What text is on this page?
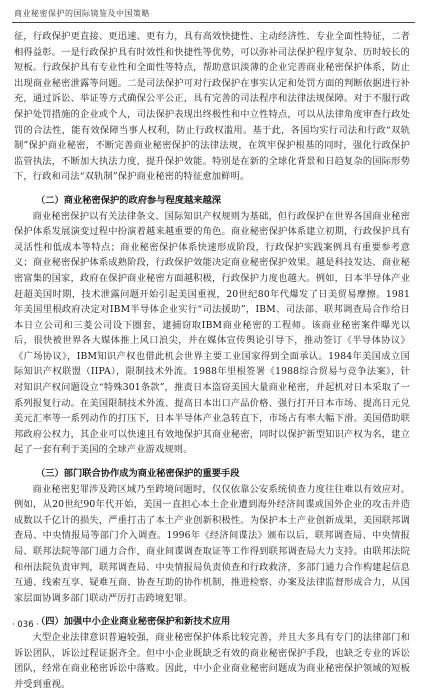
商业秘密保护的国际镜鉴及中国策略

征，行政保护更直接、更迅速、更有力，具有高效快捷性、主动经济性、专业全面性特征，二者相得益彰。一是行政保护具有时效性和快捷性等优势，可以弥补司法保护程序复杂、历时较长的短板。行政保护具有专业性和全面性等特点，帮助意识淡薄的企业完善商业秘密保护体系，防止出现商业秘密泄露等问题。二是司法保护可对行政保护在事实认定和处罚方面的判断依据进行补充，通过诉讼、举证等方式确保公平公正，具有完善的司法程序和法律法规保障。对于不服行政保护处罚措施的企业或个人，司法保护表现出终极性和中立性特点，可以从法律角度审查行政处罚的合法性，能有效保障当事人权利，防止行政权滥用。基于此，各国均实行司法和行政“双轨制”保护商业秘密，不断完善商业秘密保护的法律法规，在筑牢保护根基的同时，强化行政保护监管执法，不断加大执法力度，提升保护效能。特别是在新的全球化背景和日趋复杂的国际形势下，行政和司法“双轨制”保护商业秘密的特征愈加鲜明。

（二）商业秘密保护的政府参与程度越来越深

商业秘密保护以有关法律条文、国际知识产权规则为基础，但行政保护在世界各国商业秘密保护体系发展演变过程中扮演着越来越重要的角色。商业秘密保护体系建立初期，行政保护具有灵活性和低成本等特点；商业秘密保护体系快速形成阶段，行政保护实践案例具有重要参考意义；商业秘密保护体系成熟阶段，行政保护效能决定商业秘密保护效果。越是科技发达、商业秘密富集的国家，政府在保护商业秘密方面越积极，行政保护力度也越大。例如，日本半导体产业赶超美国时期，技术泄露问题开始引起美国重视，20世纪80年代爆发了日美贸易摩擦。1981年美国里根政府决定对IBM半导体企业实行“司法援助”，IBM、司法部、联邦调查局合作给日本日立公司和三菱公司设下圈套，逮捕窃取IBM商业秘密的工程师。该商业秘密案件曝光以后，很快被世界各大媒体推上风口浪尖，并在媒体宣传舆论引导下，推动签订《半导体协议》《广场协议》，IBM知识产权也借此机会世界主要工业国家得到全面承认。1984年美国成立国际知识产权联盟（IIPA），限制技术外流。1988年里根签署《1988综合贸易与竞争法案》，针对知识产权问题设立“特殊301条款”，推责日本盗窃美国大量商业秘密，并起机对日本采取了一系列报复行动。在美国限制技术外流、提高日本出口产品价格、强行打开日本市场、提高日元兑美元汇率等一系列动作的打压下，日本半导体产业急转直下，市场占有率大幅下滑。美国借助联邦政府公权力，其企业可以快速且有效地保护其商业秘密，同时以保护新型知识产权为名，建立起了一套有利于美国的全球产业游戏规则。

（三）部门联合协作成为商业秘密保护的重要手段

商业秘密犯罪涉及跨区域乃至跨境问题时，仅仅依靠公安系统侦查力度往往难以有效应对。例如，从20世纪90年代开始，美国一直担心本土企业遭到海外经济间谍或国外企业的攻击并造成数以千亿计的损失，严重打击了本土产业创新积极性。为保护本土产业创新成果，美国联邦调查局、中央情报局等部门介入调查。1996年《经济间谍法》颁布以后，联邦调查局、中央情报局、联邦法院等部门通力合作，商业间谍调查取证等工作得到联邦调查局大力支持。由联邦法院和州法院负责审判，联邦调查局、中央情报局负责侦查和行政救济，多部门通力合作构建起信息互通、线索互享、疑难互商、协查互助的协作机制，推进检察、办案及法律监督形成合力，从国家层面协调多部门联动严厉打击跨境犯罪。

（四）加强中小企业商业秘密保护和新技术应用

大型企业法律意识普遍较强，商业秘密保护体系比较完善，并且大多具有专门的法律部门和诉讼团队，诉讼过程证据齐全。但中小企业既缺乏有效的商业秘密保护手段，也缺乏专业的诉讼团队，经常在商业秘密诉讼中落败。因此，中小企业商业秘密问题成为商业秘密保护领域的短板并受到重视。

· 036 ·
